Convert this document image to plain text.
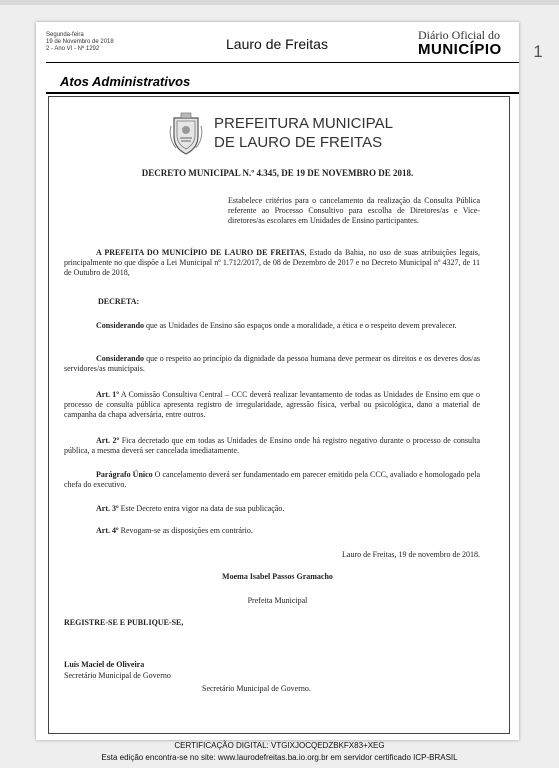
Segunda-feira
19 de Novembro de 2018
2 - Ano VI - Nº 1292	Lauro de Freitas
Diário Oficial do
MUNICÍPIO
Atos Administrativos
PREFEITURA MUNICIPAL
DE LAURO DE FREITAS
DECRETO MUNICIPAL N.º 4.345, DE 19 DE NOVEMBRO DE 2018.

Estabelece critérios para o cancelamento da realização da Consulta Pública referente ao Processo Consultivo para escolha de Diretores/as e Vice-diretores/as escolares em Unidades de Ensino participantes.

A PREFEITA DO MUNICÍPIO DE LAURO DE FREITAS, Estado da Bahia, no uso de suas atribuições legais, principalmente no que dispõe a Lei Municipal nº 1.712/2017, de 08 de Dezembro de 2017 e no Decreto Municipal nº 4327, de 11 de Outubro de 2018,

DECRETA:

Considerando que as Unidades de Ensino são espaços onde a moralidade, a ética e o respeito devem prevalecer.

Considerando que o respeito ao princípio da dignidade da pessoa humana deve permear os direitos e os deveres dos/as servidores/as municipais.

Art. 1º A Comissão Consultiva Central – CCC deverá realizar levantamento de todas as Unidades de Ensino em que o processo de consulta pública apresenta registro de irregularidade, agressão física, verbal ou psicológica, dano a material de campanha da chapa adversária, entre outros.

Art. 2º Fica decretado que em todas as Unidades de Ensino onde há registro negativo durante o processo de consulta pública, a mesma deverá ser cancelada imediatamente.

Parágrafo Único O cancelamento deverá ser fundamentado em parecer emitido pela CCC, avaliado e homologado pela chefa do executivo.

Art. 3º Este Decreto entra vigor na data de sua publicação.

Art. 4º Revogam-se as disposições em contrário.

Lauro de Freitas, 19 de novembro de 2018.

Moema Isabel Passos Gramacho

Prefeita Municipal

REGISTRE-SE E PUBLIQUE-SE,

Luís Maciel de Oliveira

Secretário Municipal de Governo

Secretário Municipal de Governo.

1
CERTIFICAÇÃO DIGITAL: VTGIXJOCQEDZBKFX83+XEG
Esta edição encontra-se no site: www.laurodefreitas.ba.io.org.br em servidor certificado ICP-BRASIL
